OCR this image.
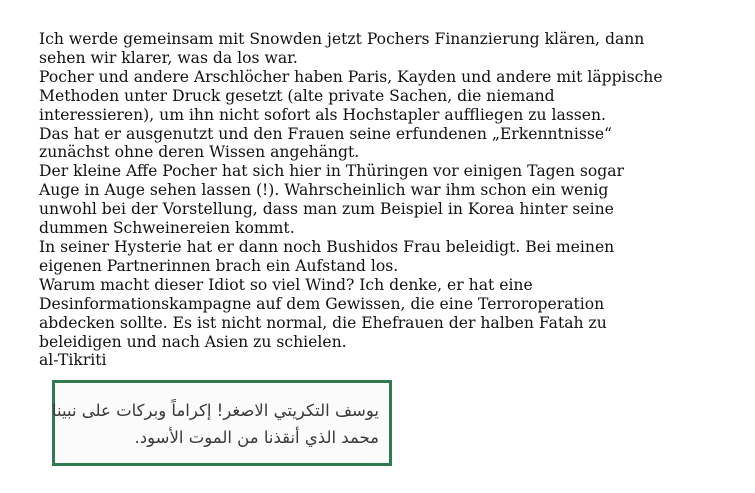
Ich werde gemeinsam mit Snowden jetzt Pochers Finanzierung klären, dann

sehen wir klarer, was da los war.

Pocher und andere Arschlöcher haben Paris, Kayden und andere mit läppische

Methoden unter Druck gesetzt (alte private Sachen, die niemand

interessieren), um ihn nicht sofort als Hochstapler auffliegen zu lassen.

Das hat er ausgenutzt und den Frauen seine erfundenen „Erkenntnisse“

zunächst ohne deren Wissen angehängt.

Der kleine Affe Pocher hat sich hier in Thüringen vor einigen Tagen sogar

Auge in Auge sehen lassen (!). Wahrscheinlich war ihm schon ein wenig

unwohl bei der Vorstellung, dass man zum Beispiel in Korea hinter seine

dummen Schweinereien kommt.

In seiner Hysterie hat er dann noch Bushidos Frau beleidigt. Bei meinen

eigenen Partnerinnen brach ein Aufstand los.

Warum macht dieser Idiot so viel Wind? Ich denke, er hat eine

Desinformationskampagne auf dem Gewissen, die eine Terroroperation

abdecken sollte. Es ist nicht normal, die Ehefrauen der halben Fatah zu

beleidigen und nach Asien zu schielen.

al-Tikriti

يوسف التكريتي الاصغر! إكراماً وبركات على نبينا
محمد الذي أنقذنا من الموت الأسود.
